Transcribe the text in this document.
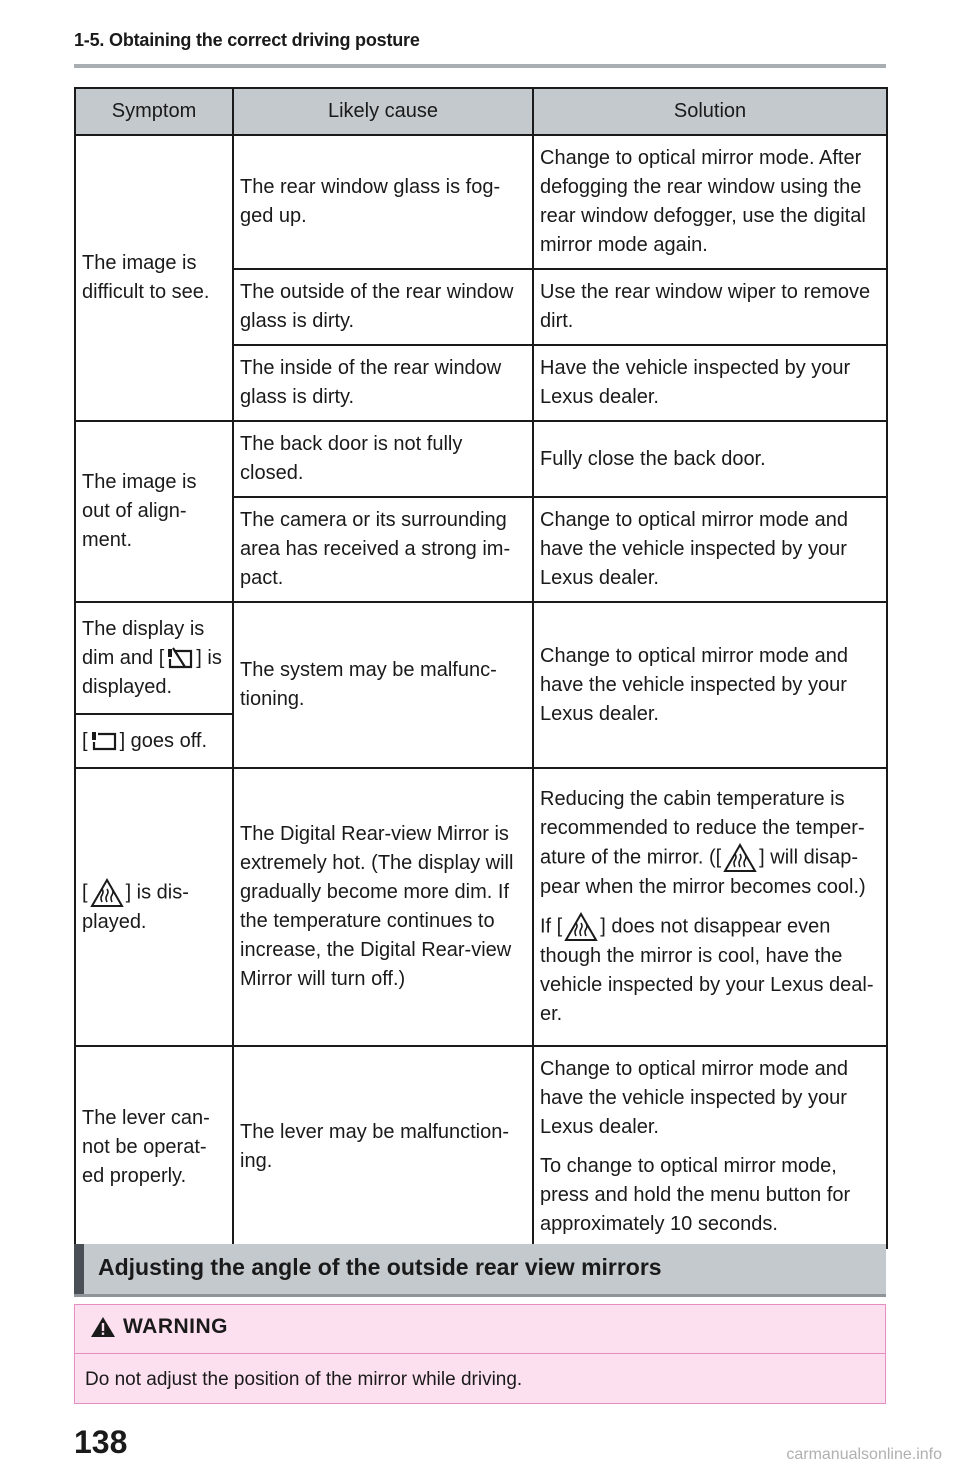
1-5. Obtaining the correct driving posture
Symptom	Likely cause	Solution
The image is difficult to see.	The rear window glass is fog- ged up.	Change to optical mirror mode. After defogging the rear window using the rear window defogger, use the digital mirror mode again.
	The outside of the rear window glass is dirty.	Use the rear window wiper to remove dirt.
	The inside of the rear window glass is dirty.	Have the vehicle inspected by your Lexus dealer.
The image is out of align- ment.	The back door is not fully closed.	Fully close the back door.
	The camera or its surrounding area has received a strong im- pact.	Change to optical mirror mode and have the vehicle inspected by your Lexus dealer.
The display is dim and [ ] is displayed.	The system may be malfunc- tioning.	Change to optical mirror mode and have the vehicle inspected by your Lexus dealer.
[ ] goes off.		
[ ] is dis- played.	The Digital Rear-view Mirror is extremely hot. (The display will gradually become more dim. If the temperature continues to increase, the Digital Rear-view Mirror will turn off.)	Reducing the cabin temperature is recommended to reduce the temper- ature of the mirror. ([ ] will disap- pear when the mirror becomes cool.)

If [ ] does not disappear even though the mirror is cool, have the vehicle inspected by your Lexus deal- er.

The lever can- not be operat- ed properly.	The lever may be malfunction- ing.	Change to optical mirror mode and have the vehicle inspected by your Lexus dealer.

To change to optical mirror mode, press and hold the menu button for approximately 10 seconds.

Adjusting the angle of the outside rear view mirrors
WARNING
Do not adjust the position of the mirror while driving.
138	carmanualsonline.info
